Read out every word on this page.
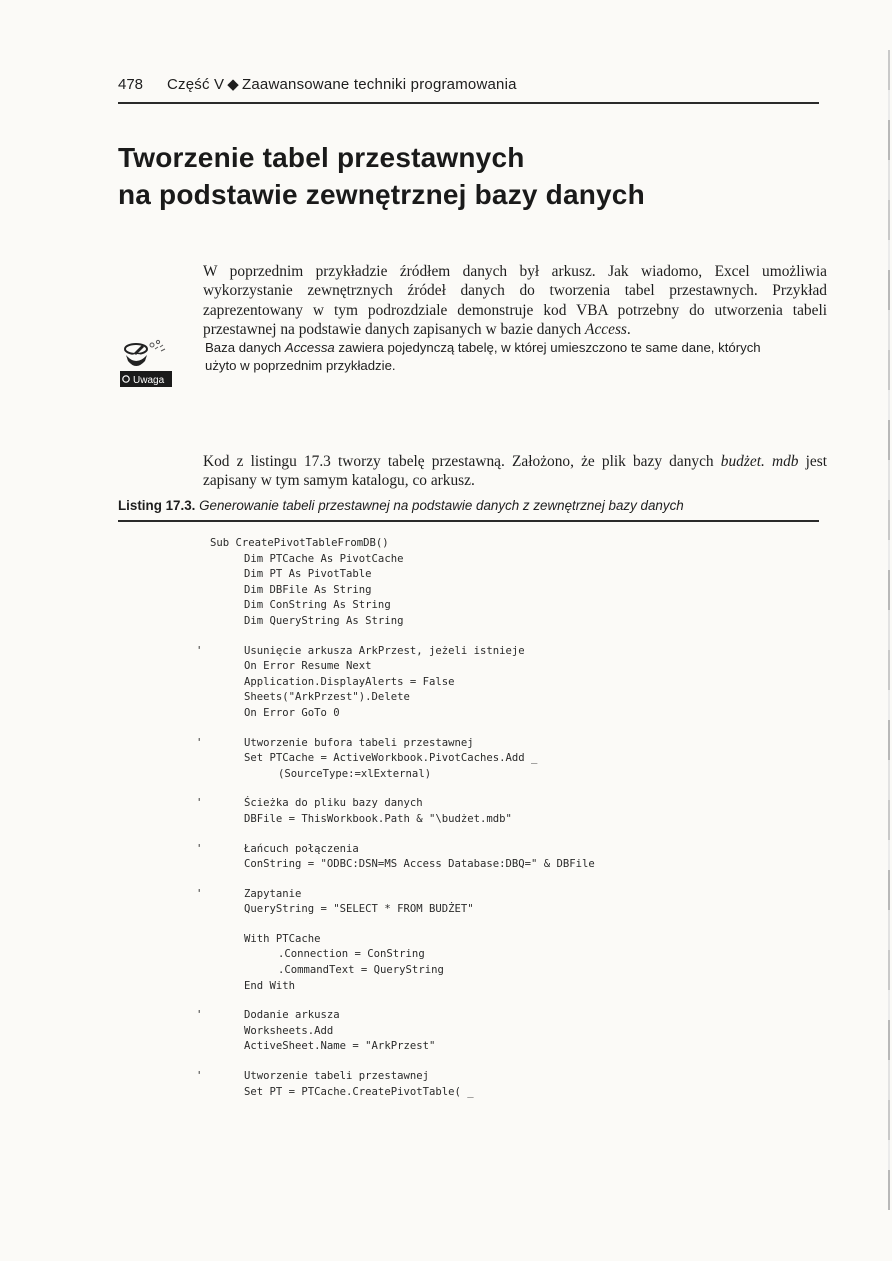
478 Część V ◆ Zaawansowane techniki programowania
Tworzenie tabel przestawnych
na podstawie zewnętrznej bazy danych

W poprzednim przykładzie źródłem danych był arkusz. Jak wiadomo, Excel umożliwia wykorzystanie zewnętrznych źródeł danych do tworzenia tabel przestawnych. Przykład zaprezentowany w tym podrozdziale demonstruje kod VBA potrzebny do utworzenia tabeli przestawnej na podstawie danych zapisanych w bazie danych Access.

Uwaga

Baza danych Accessa zawiera pojedynczą tabelę, w której umieszczono te same dane, których użyto w poprzednim przykładzie.

Kod z listingu 17.3 tworzy tabelę przestawną. Założono, że plik bazy danych budżet. mdb jest zapisany w tym samym katalogu, co arkusz.

Listing 17.3. Generowanie tabeli przestawnej na podstawie danych z zewnętrznej bazy danych
Sub CreatePivotTableFromDB()
Dim PTCache As PivotCache
Dim PT As PivotTable
Dim DBFile As String
Dim ConString As String
Dim QueryString As String
' Usunięcie arkusza ArkPrzest, jeżeli istnieje
On Error Resume Next
Application.DisplayAlerts = False
Sheets("ArkPrzest").Delete
On Error GoTo 0
' Utworzenie bufora tabeli przestawnej
Set PTCache = ActiveWorkbook.PivotCaches.Add _
(SourceType:=xlExternal)
' Ścieżka do pliku bazy danych
DBFile = ThisWorkbook.Path & "\budżet.mdb"
' Łańcuch połączenia
ConString = "ODBC:DSN=MS Access Database:DBQ=" & DBFile
' Zapytanie
QueryString = "SELECT * FROM BUDŻET"
With PTCache
.Connection = ConString
.CommandText = QueryString
End With
' Dodanie arkusza
Worksheets.Add
ActiveSheet.Name = "ArkPrzest"
' Utworzenie tabeli przestawnej
Set PT = PTCache.CreatePivotTable( _
